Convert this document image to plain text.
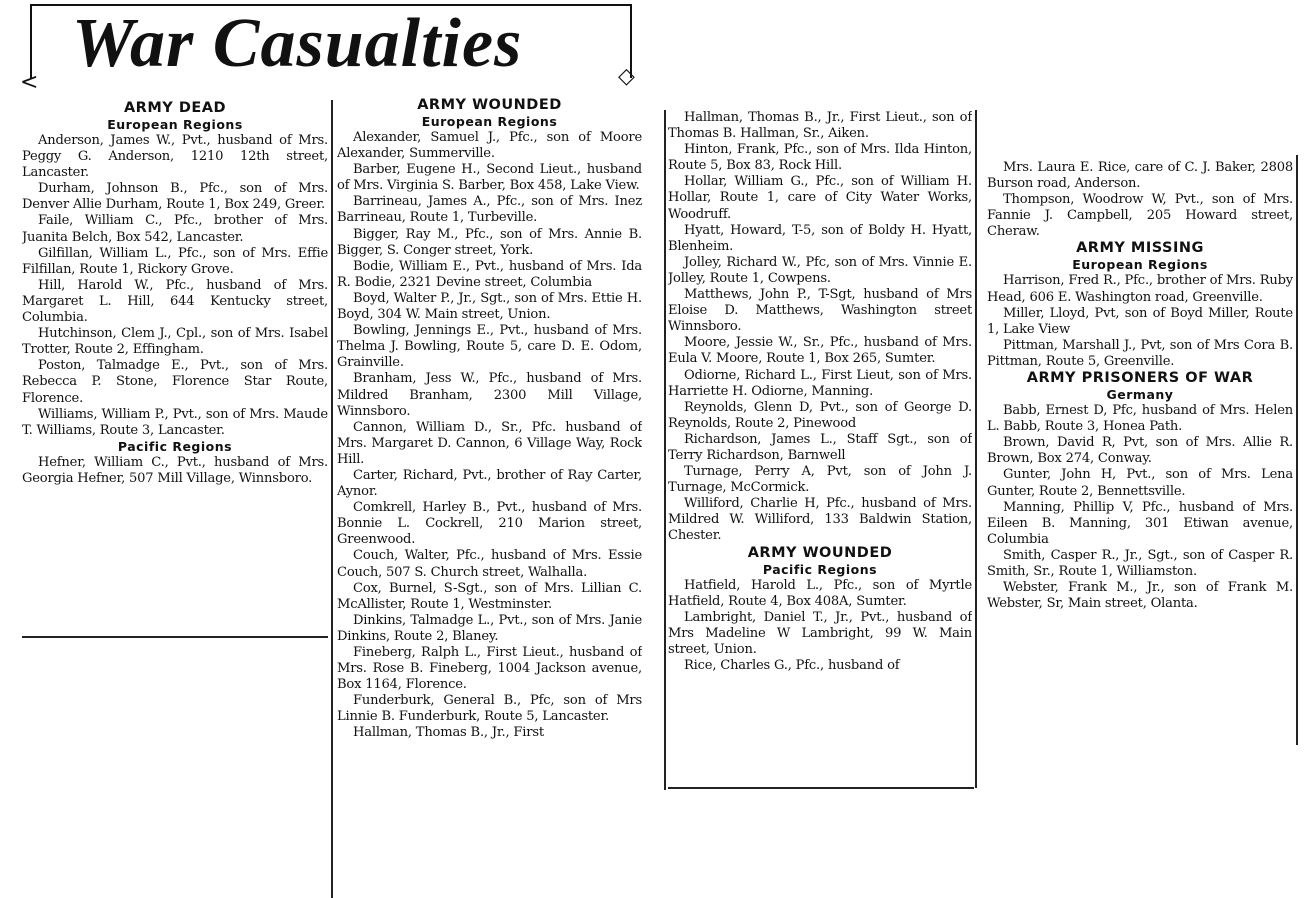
War Casualties
<	◇

ARMY DEAD

European Regions

Anderson, James W., Pvt., husband of Mrs. Peggy G. Anderson, 1210 12th street, Lancaster.

Durham, Johnson B., Pfc., son of Mrs. Denver Allie Durham, Route 1, Box 249, Greer.

Faile, William C., Pfc., brother of Mrs. Juanita Belch, Box 542, Lancaster.

Gilfillan, William L., Pfc., son of Mrs. Effie Filfillan, Route 1, Rickory Grove.

Hill, Harold W., Pfc., husband of Mrs. Margaret L. Hill, 644 Kentucky street, Columbia.

Hutchinson, Clem J., Cpl., son of Mrs. Isabel Trotter, Route 2, Effingham.

Poston, Talmadge E., Pvt., son of Mrs. Rebecca P. Stone, Florence Star Route, Florence.

Williams, William P., Pvt., son of Mrs. Maude T. Williams, Route 3, Lancaster.

Pacific Regions

Hefner, William C., Pvt., husband of Mrs. Georgia Hefner, 507 Mill Village, Winnsboro.

ARMY WOUNDED

European Regions

Alexander, Samuel J., Pfc., son of Moore Alexander, Summerville.

Barber, Eugene H., Second Lieut., husband of Mrs. Virginia S. Barber, Box 458, Lake View.

Barrineau, James A., Pfc., son of Mrs. Inez Barrineau, Route 1, Turbeville.

Bigger, Ray M., Pfc., son of Mrs. Annie B. Bigger, S. Conger street, York.

Bodie, William E., Pvt., husband of Mrs. Ida R. Bodie, 2321 Devine street, Columbia

Boyd, Walter P., Jr., Sgt., son of Mrs. Ettie H. Boyd, 304 W. Main street, Union.

Bowling, Jennings E., Pvt., husband of Mrs. Thelma J. Bowling, Route 5, care D. E. Odom, Grainville.

Branham, Jess W., Pfc., husband of Mrs. Mildred Branham, 2300 Mill Village, Winnsboro.

Cannon, William D., Sr., Pfc. husband of Mrs. Margaret D. Cannon, 6 Village Way, Rock Hill.

Carter, Richard, Pvt., brother of Ray Carter, Aynor.

Comkrell, Harley B., Pvt., husband of Mrs. Bonnie L. Cockrell, 210 Marion street, Greenwood.

Couch, Walter, Pfc., husband of Mrs. Essie Couch, 507 S. Church street, Walhalla.

Cox, Burnel, S-Sgt., son of Mrs. Lillian C. McAllister, Route 1, Westminster.

Dinkins, Talmadge L., Pvt., son of Mrs. Janie Dinkins, Route 2, Blaney.

Fineberg, Ralph L., First Lieut., husband of Mrs. Rose B. Fineberg, 1004 Jackson avenue, Box 1164, Florence.

Funderburk, General B., Pfc, son of Mrs Linnie B. Funderburk, Route 5, Lancaster.

Hallman, Thomas B., Jr., First

Hallman, Thomas B., Jr., First Lieut., son of Thomas B. Hallman, Sr., Aiken.

Hinton, Frank, Pfc., son of Mrs. Ilda Hinton, Route 5, Box 83, Rock Hill.

Hollar, William G., Pfc., son of William H. Hollar, Route 1, care of City Water Works, Woodruff.

Hyatt, Howard, T-5, son of Boldy H. Hyatt, Blenheim.

Jolley, Richard W., Pfc, son of Mrs. Vinnie E. Jolley, Route 1, Cowpens.

Matthews, John P., T-Sgt, husband of Mrs Eloise D. Matthews, Washington street Winnsboro.

Moore, Jessie W., Sr., Pfc., husband of Mrs. Eula V. Moore, Route 1, Box 265, Sumter.

Odiorne, Richard L., First Lieut, son of Mrs. Harriette H. Odiorne, Manning.

Reynolds, Glenn D, Pvt., son of George D. Reynolds, Route 2, Pinewood

Richardson, James L., Staff Sgt., son of Terry Richardson, Barnwell

Turnage, Perry A, Pvt, son of John J. Turnage, McCormick.

Williford, Charlie H, Pfc., husband of Mrs. Mildred W. Williford, 133 Baldwin Station, Chester.

ARMY WOUNDED

Pacific Regions

Hatfield, Harold L., Pfc., son of Myrtle Hatfield, Route 4, Box 408A, Sumter.

Lambright, Daniel T., Jr., Pvt., husband of Mrs Madeline W Lambright, 99 W. Main street, Union.

Rice, Charles G., Pfc., husband of

Mrs. Laura E. Rice, care of C. J. Baker, 2808 Burson road, Anderson.

Thompson, Woodrow W, Pvt., son of Mrs. Fannie J. Campbell, 205 Howard street, Cheraw.

ARMY MISSING

European Regions

Harrison, Fred R., Pfc., brother of Mrs. Ruby Head, 606 E. Washington road, Greenville.

Miller, Lloyd, Pvt, son of Boyd Miller, Route 1, Lake View

Pittman, Marshall J., Pvt, son of Mrs Cora B. Pittman, Route 5, Greenville.

ARMY PRISONERS OF WAR

Germany

Babb, Ernest D, Pfc, husband of Mrs. Helen L. Babb, Route 3, Honea Path.

Brown, David R, Pvt, son of Mrs. Allie R. Brown, Box 274, Conway.

Gunter, John H, Pvt., son of Mrs. Lena Gunter, Route 2, Bennettsville.

Manning, Phillip V, Pfc., husband of Mrs. Eileen B. Manning, 301 Etiwan avenue, Columbia

Smith, Casper R., Jr., Sgt., son of Casper R. Smith, Sr., Route 1, Williamston.

Webster, Frank M., Jr., son of Frank M. Webster, Sr, Main street, Olanta.
